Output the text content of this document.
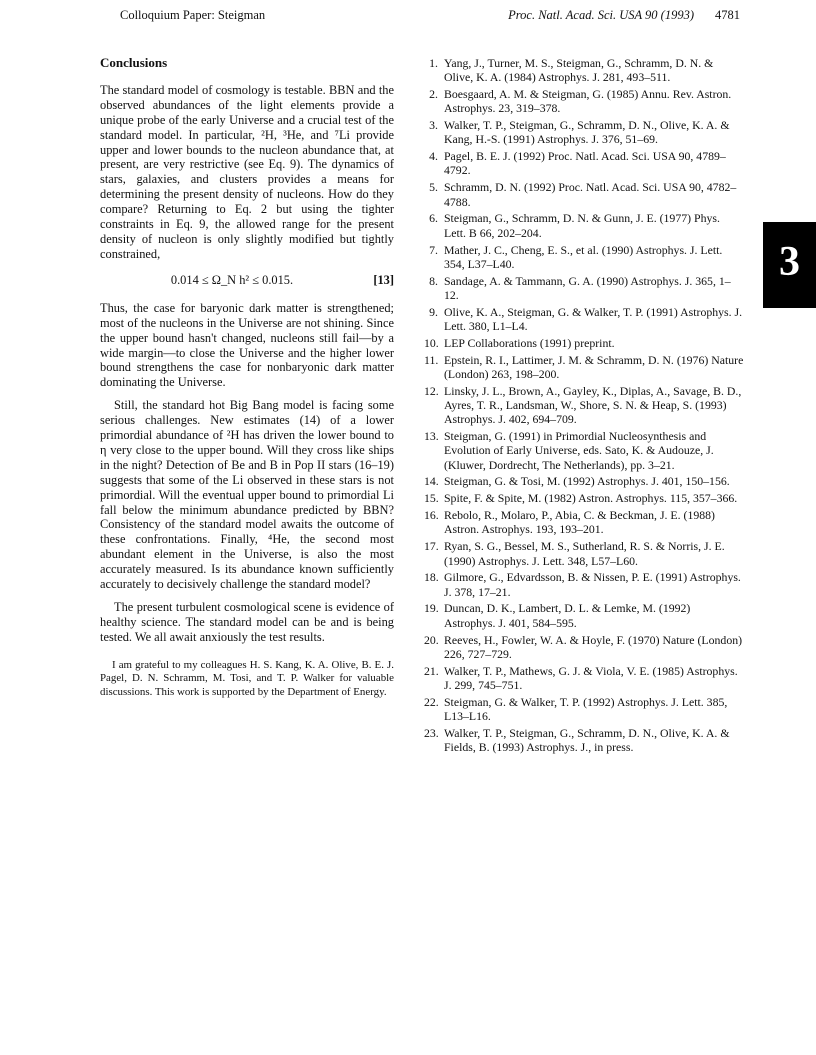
Colloquium Paper: Steigman	Proc. Natl. Acad. Sci. USA 90 (1993) 4781
Conclusions

The standard model of cosmology is testable. BBN and the observed abundances of the light elements provide a unique probe of the early Universe and a crucial test of the standard model. In particular, ²H, ³He, and ⁷Li provide upper and lower bounds to the nucleon abundance that, at present, are very restrictive (see Eq. 9). The dynamics of stars, galaxies, and clusters provides a means for determining the present density of nucleons. How do they compare? Returning to Eq. 2 but using the tighter constraints in Eq. 9, the allowed range for the present density of nucleon is only slightly modified but tightly constrained,

0.014 ≤ Ω_N h² ≤ 0.015.	[13]

Thus, the case for baryonic dark matter is strengthened; most of the nucleons in the Universe are not shining. Since the upper bound hasn't changed, nucleons still fail—by a wide margin—to close the Universe and the higher lower bound strengthens the case for nonbaryonic dark matter dominating the Universe.

Still, the standard hot Big Bang model is facing some serious challenges. New estimates (14) of a lower primordial abundance of ²H has driven the lower bound to η very close to the upper bound. Will they cross like ships in the night? Detection of Be and B in Pop II stars (16–19) suggests that some of the Li observed in these stars is not primordial. Will the eventual upper bound to primordial Li fall below the minimum abundance predicted by BBN? Consistency of the standard model awaits the outcome of these confrontations. Finally, ⁴He, the second most abundant element in the Universe, is also the most accurately measured. Is its abundance known sufficiently accurately to decisively challenge the standard model?

The present turbulent cosmological scene is evidence of healthy science. The standard model can be and is being tested. We all await anxiously the test results.

I am grateful to my colleagues H. S. Kang, K. A. Olive, B. E. J. Pagel, D. N. Schramm, M. Tosi, and T. P. Walker for valuable discussions. This work is supported by the Department of Energy.

1. Yang, J., Turner, M. S., Steigman, G., Schramm, D. N. & Olive, K. A. (1984) Astrophys. J. 281, 493–511.
2. Boesgaard, A. M. & Steigman, G. (1985) Annu. Rev. Astron. Astrophys. 23, 319–378.
3. Walker, T. P., Steigman, G., Schramm, D. N., Olive, K. A. & Kang, H.-S. (1991) Astrophys. J. 376, 51–69.
4. Pagel, B. E. J. (1992) Proc. Natl. Acad. Sci. USA 90, 4789–4792.
5. Schramm, D. N. (1992) Proc. Natl. Acad. Sci. USA 90, 4782–4788.
6. Steigman, G., Schramm, D. N. & Gunn, J. E. (1977) Phys. Lett. B 66, 202–204.
7. Mather, J. C., Cheng, E. S., et al. (1990) Astrophys. J. Lett. 354, L37–L40.
8. Sandage, A. & Tammann, G. A. (1990) Astrophys. J. 365, 1–12.
9. Olive, K. A., Steigman, G. & Walker, T. P. (1991) Astrophys. J. Lett. 380, L1–L4.
10. LEP Collaborations (1991) preprint.
11. Epstein, R. I., Lattimer, J. M. & Schramm, D. N. (1976) Nature (London) 263, 198–200.
12. Linsky, J. L., Brown, A., Gayley, K., Diplas, A., Savage, B. D., Ayres, T. R., Landsman, W., Shore, S. N. & Heap, S. (1993) Astrophys. J. 402, 694–709.
13. Steigman, G. (1991) in Primordial Nucleosynthesis and Evolution of Early Universe, eds. Sato, K. & Audouze, J. (Kluwer, Dordrecht, The Netherlands), pp. 3–21.
14. Steigman, G. & Tosi, M. (1992) Astrophys. J. 401, 150–156.
15. Spite, F. & Spite, M. (1982) Astron. Astrophys. 115, 357–366.
16. Rebolo, R., Molaro, P., Abia, C. & Beckman, J. E. (1988) Astron. Astrophys. 193, 193–201.
17. Ryan, S. G., Bessel, M. S., Sutherland, R. S. & Norris, J. E. (1990) Astrophys. J. Lett. 348, L57–L60.
18. Gilmore, G., Edvardsson, B. & Nissen, P. E. (1991) Astrophys. J. 378, 17–21.
19. Duncan, D. K., Lambert, D. L. & Lemke, M. (1992) Astrophys. J. 401, 584–595.
20. Reeves, H., Fowler, W. A. & Hoyle, F. (1970) Nature (London) 226, 727–729.
21. Walker, T. P., Mathews, G. J. & Viola, V. E. (1985) Astrophys. J. 299, 745–751.
22. Steigman, G. & Walker, T. P. (1992) Astrophys. J. Lett. 385, L13–L16.
23. Walker, T. P., Steigman, G., Schramm, D. N., Olive, K. A. & Fields, B. (1993) Astrophys. J., in press.
3
